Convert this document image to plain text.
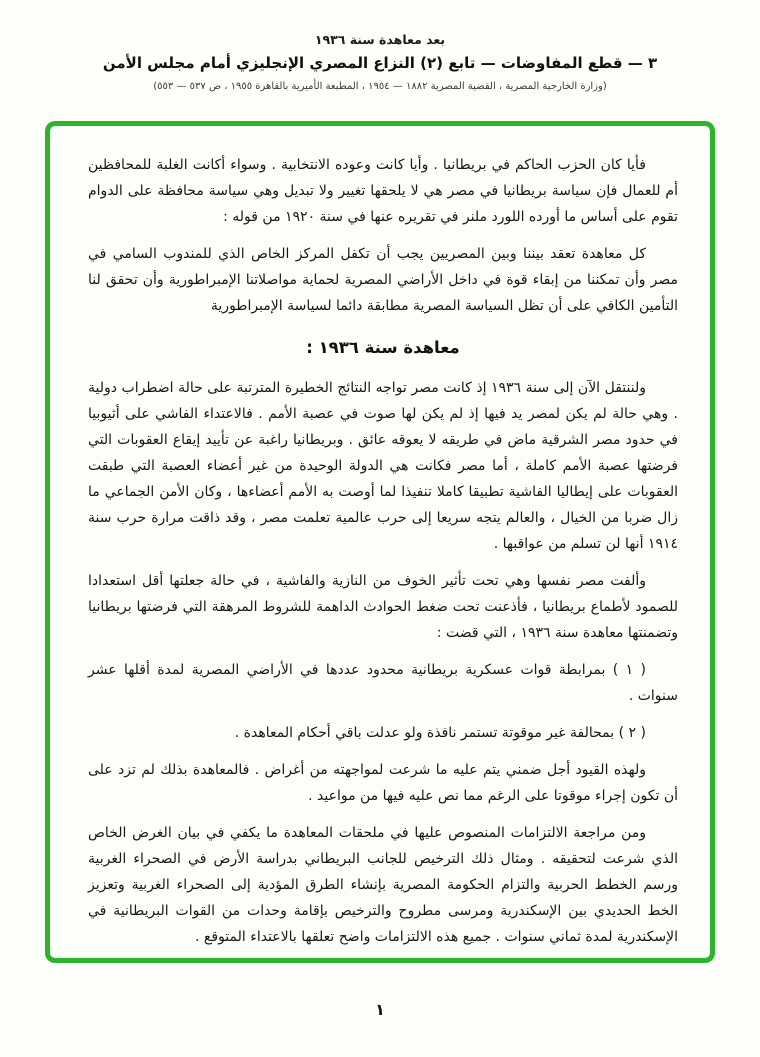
بعد معاهدة سنة ١٩٣٦
٣ — قطع المفاوضات — تابع (٢) النزاع المصري الإنجليزي أمام مجلس الأمن
(وزارة الخارجية المصرية ، القضية المصرية ١٨٨٢ — ١٩٥٤ ، المطبعة الأميرية بالقاهرة ١٩٥٥ ، ص ٥٣٧ — ٥٥٣)

فأيا كان الحزب الحاكم في بريطانيا . وأيا كانت وعوده الانتخابية . وسواء أكانت الغلبة للمحافظين أم للعمال فإن سياسة بريطانيا في مصر هي لا يلحقها تغيير ولا تبديل وهي سياسة محافظة على الدوام تقوم على أساس ما أورده اللورد ملنر في تقريره عنها في سنة ١٩٢٠ من قوله :

كل معاهدة تعقد بيننا وبين المصريين يجب أن تكفل المركز الخاص الذي للمندوب السامي في مصر وأن تمكننا من إبقاء قوة في داخل الأراضي المصرية لحماية مواصلاتنا الإمبراطورية وأن تحقق لنا التأمين الكافي على أن تظل السياسة المصرية مطابقة دائما لسياسة الإمبراطورية

معاهدة سنة ١٩٣٦ :

ولننتقل الآن إلى سنة ١٩٣٦ إذ كانت مصر تواجه النتائج الخطيرة المترتبة على حالة اضطراب دولية . وهي حالة لم يكن لمصر يد فيها إذ لم يكن لها صوت في عصبة الأمم . فالاعتداء الفاشي على أثيوبيا في حدود مصر الشرقية ماض في طريقه لا يعوقه عائق . وبريطانيا راغبة عن تأييد إيقاع العقوبات التي فرضتها عصبة الأمم كاملة ، أما مصر فكانت هي الدولة الوحيدة من غير أعضاء العصبة التي طبقت العقوبات على إيطاليا الفاشية تطبيقا كاملا تنفيذا لما أوصت به الأمم أعضاءها ، وكان الأمن الجماعي ما زال ضربا من الخيال ، والعالم يتجه سريعا إلى حرب عالمية تعلمت مصر ، وقد ذاقت مرارة حرب سنة ١٩١٤ أنها لن تسلم من عواقبها .

وألفت مصر نفسها وهي تحت تأثير الخوف من النازية والفاشية ، في حالة جعلتها أقل استعدادا للصمود لأطماع بريطانيا ، فأذعنت تحت ضغط الحوادث الداهمة للشروط المرهقة التي فرضتها بريطانيا وتضمنتها معاهدة سنة ١٩٣٦ ، التي قضت :

( ١ ) بمرابطة قوات عسكرية بريطانية محدود عددها في الأراضي المصرية لمدة أقلها عشر سنوات .

( ٢ ) بمحالفة غير موقوتة تستمر نافذة ولو عدلت باقي أحكام المعاهدة .

ولهذه القيود أجل ضمني يتم عليه ما شرعت لمواجهته من أغراض . فالمعاهدة بذلك لم تزد على أن تكون إجراء موقوتا على الرغم مما نص عليه فيها من مواعيد .

ومن مراجعة الالتزامات المنصوص عليها في ملحقات المعاهدة ما يكفي في بيان الغرض الخاص الذي شرعت لتحقيقه . ومثال ذلك الترخيص للجانب البريطاني بدراسة الأرض في الصحراء الغربية ورسم الخطط الحربية والتزام الحكومة المصرية بإنشاء الطرق المؤدية إلى الصحراء الغربية وتعزيز الخط الحديدي بين الإسكندرية ومرسى مطروح والترخيص بإقامة وحدات من القوات البريطانية في الإسكندرية لمدة ثماني سنوات . جميع هذه الالتزامات واضح تعلقها بالاعتداء المتوقع .

١
